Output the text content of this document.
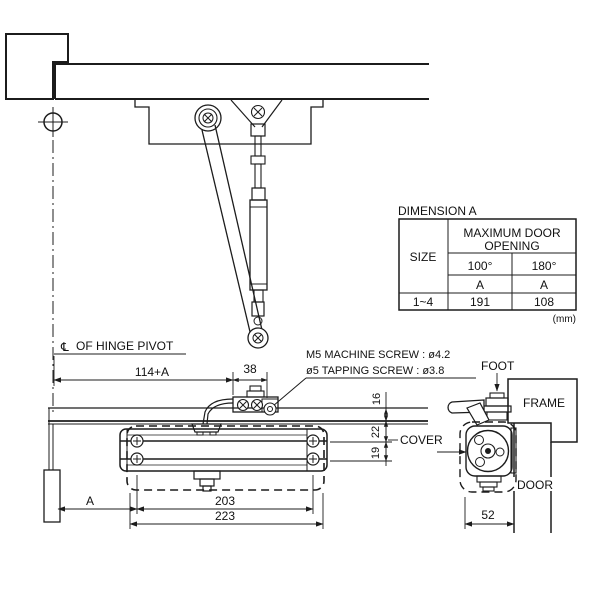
℄ OF HINGE PIVOT
DIMENSION A
SIZE
MAXIMUM DOOR
OPENING
100°	180°
A	A
1~4	191	108
(mm)
M5 MACHINE SCREW : ø4.2
ø5 TAPPING SCREW : ø3.8
114+A	38
16
22
19
COVER
A	203
223
FRAME
DOOR
FOOT
52
